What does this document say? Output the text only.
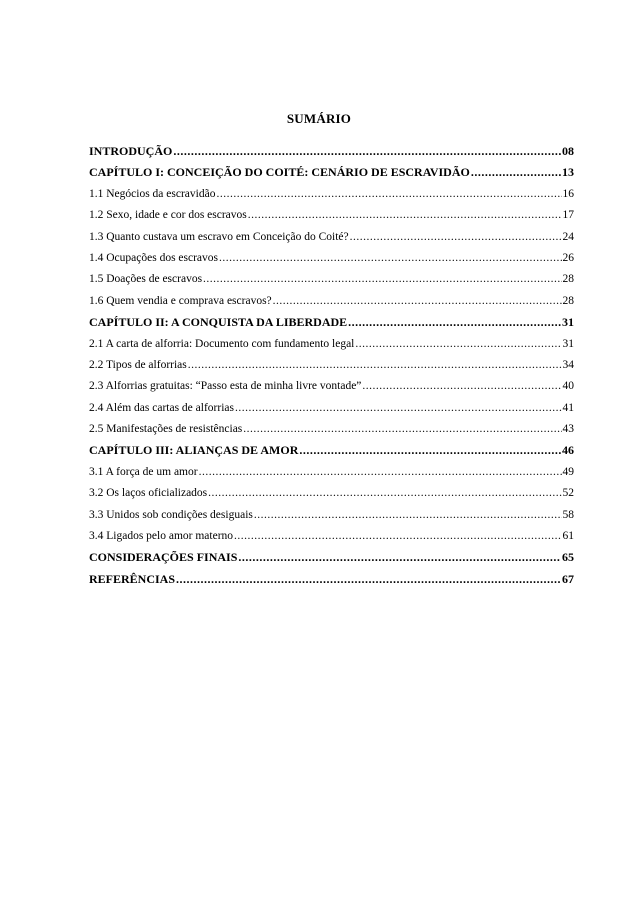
SUMÁRIO
INTRODUÇÃO .....	08
CAPÍTULO I: CONCEIÇÃO DO COITÉ: CENÁRIO DE ESCRAVIDÃO .....	13
1.1 Negócios da escravidão .....	16
1.2 Sexo, idade e cor dos escravos .....	17
1.3 Quanto custava um escravo em Conceição do Coité? .....	24
1.4 Ocupações dos escravos .....	26
1.5 Doações de escravos .....	28
1.6 Quem vendia e comprava escravos? .....	28
CAPÍTULO II: A CONQUISTA DA LIBERDADE .....	31
2.1 A carta de alforria: Documento com fundamento legal .....	31
2.2 Tipos de alforrias .....	34
2.3 Alforrias gratuitas: “Passo esta de minha livre vontade” .....	40
2.4 Além das cartas de alforrias .....	41
2.5 Manifestações de resistências .....	43
CAPÍTULO III: ALIANÇAS DE AMOR .....	46
3.1 A força de um amor .....	49
3.2 Os laços oficializados .....	52
3.3 Unidos sob condições desiguais .....	58
3.4 Ligados pelo amor materno .....	61
CONSIDERAÇÕES FINAIS .....	65
REFERÊNCIAS .....	67
